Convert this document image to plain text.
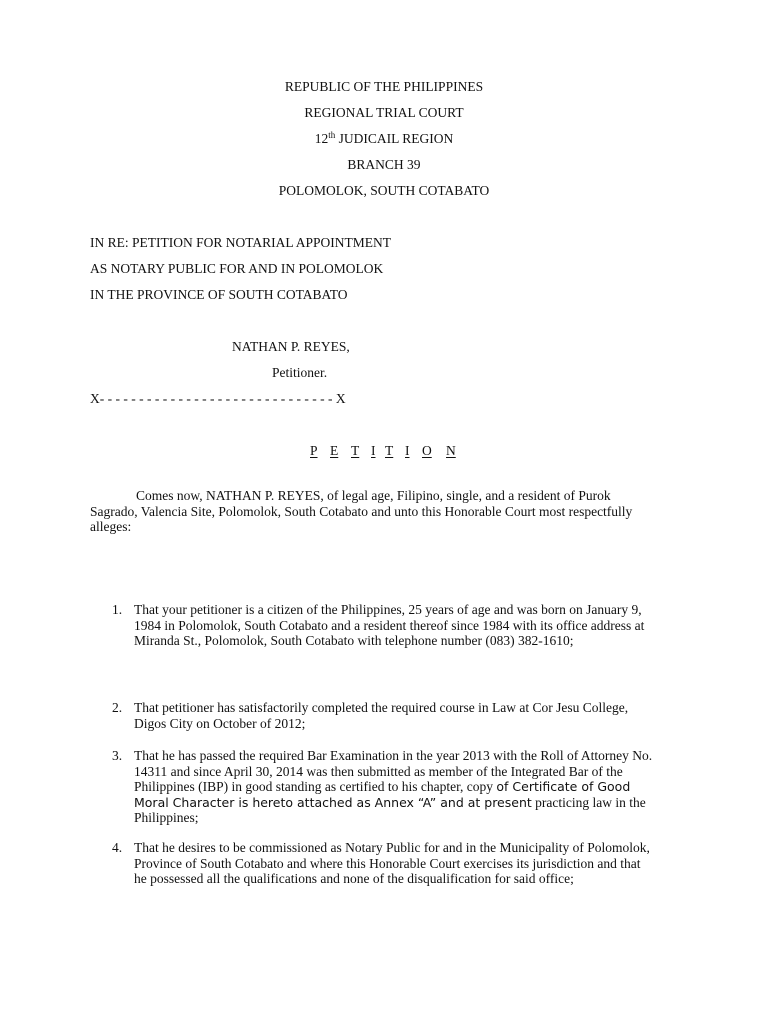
REPUBLIC OF THE PHILIPPINES
REGIONAL TRIAL COURT
12th JUDICAIL REGION
BRANCH 39
POLOMOLOK, SOUTH COTABATO
IN RE: PETITION FOR NOTARIAL APPOINTMENT
AS NOTARY PUBLIC FOR AND IN POLOMOLOK
IN THE PROVINCE OF SOUTH COTABATO
NATHAN P. REYES,
Petitioner.
X- - - - - - - - - - - - - - - - - - - - - - - - - - - - - - X
P E T I T I O N
Comes now, NATHAN P. REYES, of legal age, Filipino, single, and a resident of Purok Sagrado, Valencia Site, Polomolok, South Cotabato and unto this Honorable Court most respectfully alleges:
1. That your petitioner is a citizen of the Philippines, 25 years of age and was born on January 9, 1984 in Polomolok, South Cotabato and a resident thereof since 1984 with its office address at Miranda St., Polomolok, South Cotabato with telephone number (083) 382-1610;
2. That petitioner has satisfactorily completed the required course in Law at Cor Jesu College, Digos City on October of 2012;
3. That he has passed the required Bar Examination in the year 2013 with the Roll of Attorney No. 14311 and since April 30, 2014 was then submitted as member of the Integrated Bar of the Philippines (IBP) in good standing as certified to his chapter, copy of Certificate of Good Moral Character is hereto attached as Annex “A” and at present practicing law in the Philippines;
4. That he desires to be commissioned as Notary Public for and in the Municipality of Polomolok, Province of South Cotabato and where this Honorable Court exercises its jurisdiction and that he possessed all the qualifications and none of the disqualification for said office;
